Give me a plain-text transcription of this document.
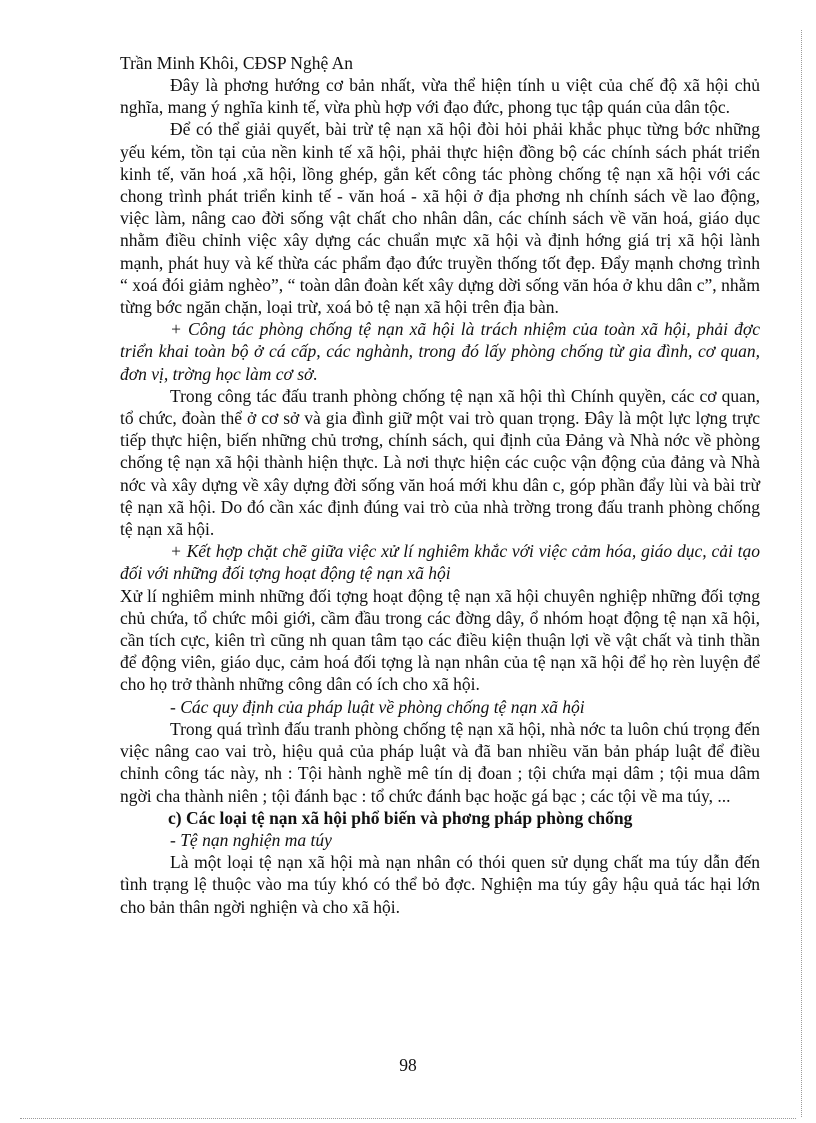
Trần Minh Khôi, CĐSP Nghệ An

Đây là phơng hướng cơ bản nhất, vừa thể hiện tính u việt của chế độ xã hội chủ nghĩa, mang ý nghĩa kinh tế, vừa phù hợp với đạo đức, phong tục tập quán của dân tộc.

Để có thể giải quyết, bài trừ tệ nạn xã hội đòi hỏi phải khắc phục từng bớc những yếu kém, tồn tại của nền kinh tế xã hội, phải thực hiện đồng bộ các chính sách phát triển kinh tế, văn hoá ,xã hội, lồng ghép, gắn kết công tác phòng chống tệ nạn xã hội với các chong trình phát triển kinh tế - văn hoá - xã hội ở địa phơng nh chính sách về lao động, việc làm, nâng cao đời sống vật chất cho nhân dân, các chính sách về văn hoá, giáo dục nhằm điều chỉnh việc xây dựng các chuẩn mực xã hội và định hớng giá trị xã hội lành mạnh, phát huy và kế thừa các phẩm đạo đức truyền thống tốt đẹp. Đẩy mạnh chơng trình “ xoá đói giảm nghèo”, “ toàn dân đoàn kết xây dựng dời sống văn hóa ở khu dân c”, nhằm từng bớc ngăn chặn, loại trừ, xoá bỏ tệ nạn xã hội trên địa bàn.

+ Công tác phòng chống tệ nạn xã hội là trách nhiệm của toàn xã hội, phải đợc triển khai toàn bộ ở cá cấp, các nghành, trong đó lấy phòng chống từ gia đình, cơ quan, đơn vị, trờng học làm cơ sở.

Trong công tác đấu tranh phòng chống tệ nạn xã hội thì Chính quyền, các cơ quan, tổ chức, đoàn thể ở cơ sở và gia đình giữ một vai trò quan trọng. Đây là một lực lợng trực tiếp thực hiện, biến những chủ trơng, chính sách, qui định của Đảng và Nhà nớc về phòng chống tệ nạn xã hội thành hiện thực. Là nơi thực hiện các cuộc vận động của đảng và Nhà nớc và xây dựng về xây dựng đời sống văn hoá mới khu dân c, góp phần đẩy lùi và bài trừ tệ nạn xã hội. Do đó cần xác định đúng vai trò của nhà trờng trong đấu tranh phòng chống tệ nạn xã hội.

+ Kết hợp chặt chẽ giữa việc xử lí nghiêm khắc với việc cảm hóa, giáo dục, cải tạo đối với những đối tợng hoạt động tệ nạn xã hội

Xử lí nghiêm minh những đối tợng hoạt động tệ nạn xã hội chuyên nghiệp những đối tợng chủ chứa, tổ chức môi giới, cầm đầu trong các đờng dây, ổ nhóm hoạt động tệ nạn xã hội, cần tích cực, kiên trì cũng nh quan tâm tạo các điều kiện thuận lợi về vật chất và tinh thần để động viên, giáo dục, cảm hoá đối tợng là nạn nhân của tệ nạn xã hội để họ rèn luyện để cho họ trở thành những công dân có ích cho xã hội.

- Các quy định của pháp luật về phòng chống tệ nạn xã hội

Trong quá trình đấu tranh phòng chống tệ nạn xã hội, nhà nớc ta luôn chú trọng đến việc nâng cao vai trò, hiệu quả của pháp luật và đã ban nhiều văn bản pháp luật để điều chỉnh công tác này, nh : Tội hành nghề mê tín dị đoan ; tội chứa mại dâm ; tội mua dâm ngời cha thành niên ; tội đánh bạc : tổ chức đánh bạc hoặc gá bạc ; các tội về ma túy, ...

c) Các loại tệ nạn xã hội phổ biến và phơng pháp phòng chống

- Tệ nạn nghiện ma túy

Là một loại tệ nạn xã hội mà nạn nhân có thói quen sử dụng chất ma túy dẫn đến tình trạng lệ thuộc vào ma túy khó có thể bỏ đợc. Nghiện ma túy gây hậu quả tác hại lớn cho bản thân ngời nghiện và cho xã hội.

98
